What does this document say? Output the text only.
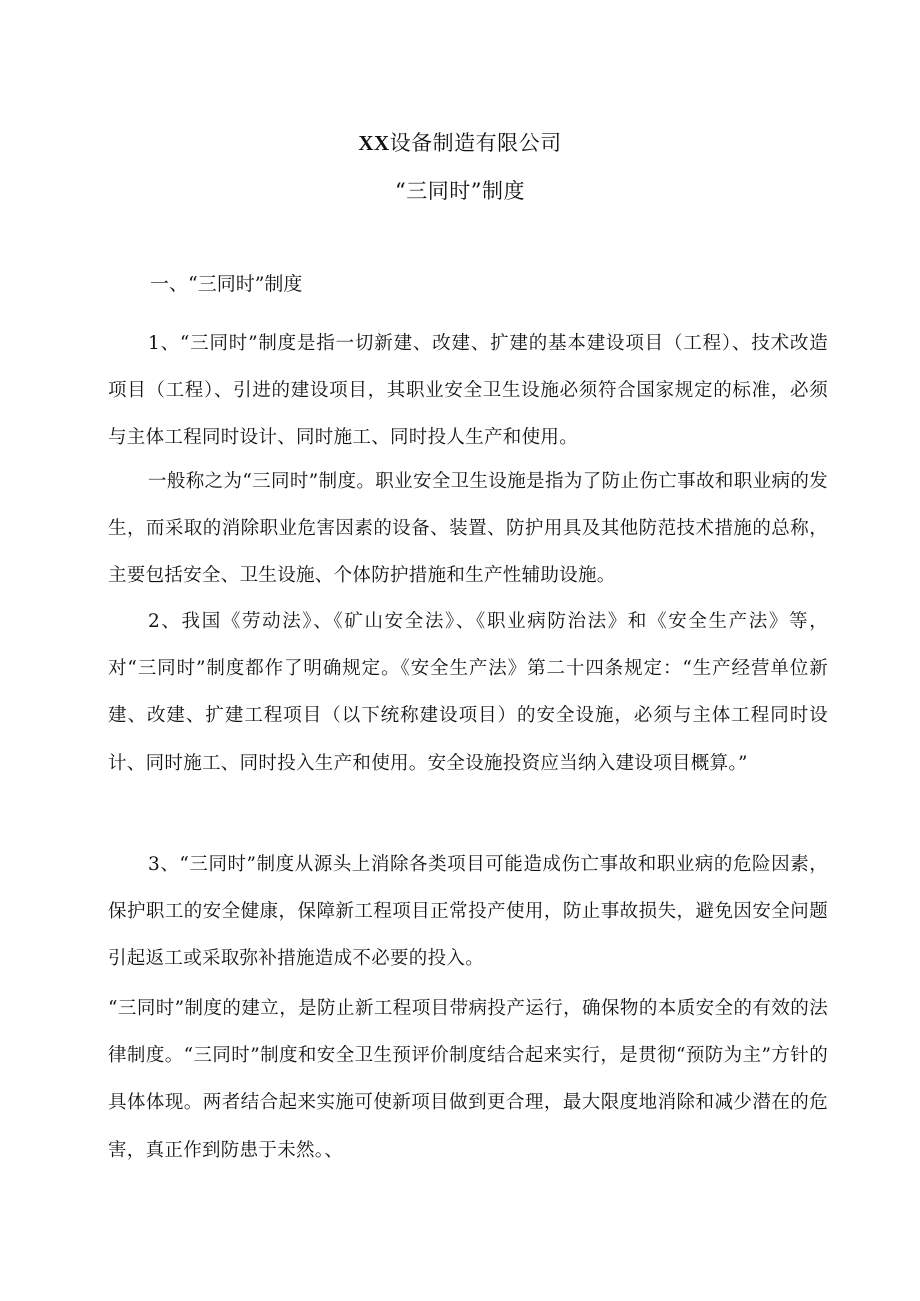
XX设备制造有限公司
“三同时”制度
一、“三同时”制度
1、“三同时”制度是指一切新建、改建、扩建的基本建设项目（工程）、技术改造项目（工程）、引进的建设项目，其职业安全卫生设施必须符合国家规定的标准，必须与主体工程同时设计、同时施工、同时投人生产和使用。
一般称之为“三同时”制度。职业安全卫生设施是指为了防止伤亡事故和职业病的发生，而采取的消除职业危害因素的设备、装置、防护用具及其他防范技术措施的总称，主要包括安全、卫生设施、个体防护措施和生产性辅助设施。
2、我国《劳动法》、《矿山安全法》、《职业病防治法》和《安全生产法》等，对“三同时”制度都作了明确规定。《安全生产法》第二十四条规定：“生产经营单位新建、改建、扩建工程项目（以下统称建设项目）的安全设施，必须与主体工程同时设计、同时施工、同时投入生产和使用。安全设施投资应当纳入建设项目概算。”
3、“三同时”制度从源头上消除各类项目可能造成伤亡事故和职业病的危险因素，保护职工的安全健康，保障新工程项目正常投产使用，防止事故损失，避免因安全问题引起返工或采取弥补措施造成不必要的投入。
“三同时”制度的建立，是防止新工程项目带病投产运行，确保物的本质安全的有效的法律制度。“三同时”制度和安全卫生预评价制度结合起来实行，是贯彻“预防为主”方针的具体体现。两者结合起来实施可使新项目做到更合理，最大限度地消除和减少潜在的危害，真正作到防患于未然。、
